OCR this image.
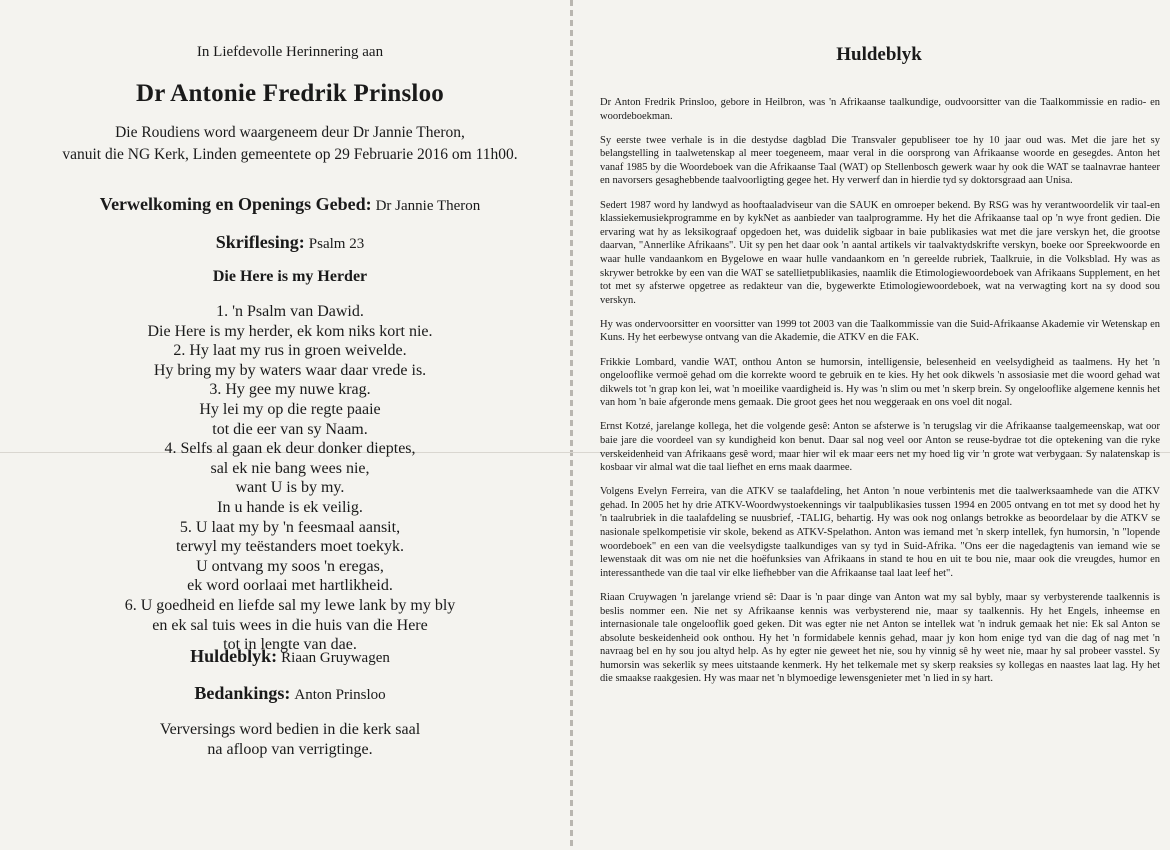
In Liefdevolle Herinnering aan
Dr Antonie Fredrik Prinsloo
Die Roudiens word waargeneem deur Dr Jannie Theron,
vanuit die NG Kerk, Linden gemeentete op 29 Februarie 2016 om 11h00.
Verwelkoming en Openings Gebed: Dr Jannie Theron
Skriflesing: Psalm 23
Die Here is my Herder
1. 'n Psalm van Dawid.
Die Here is my herder, ek kom niks kort nie.
2. Hy laat my rus in groen weivelde.
Hy bring my by waters waar daar vrede is.
3. Hy gee my nuwe krag.
Hy lei my op die regte paaie
tot die eer van sy Naam.
4. Selfs al gaan ek deur donker dieptes,
sal ek nie bang wees nie,
want U is by my.
In u hande is ek veilig.
5. U laat my by 'n feesmaal aansit,
terwyl my teëstanders moet toekyk.
U ontvang my soos 'n eregas,
ek word oorlaai met hartlikheid.
6. U goedheid en liefde sal my lewe lank by my bly
en ek sal tuis wees in die huis van die Here
tot in lengte van dae.
Huldeblyk: Riaan Gruywagen
Bedankings: Anton Prinsloo
Verversings word bedien in die kerk saal
na afloop van verrigtinge.
Huldeblyk

Dr Anton Fredrik Prinsloo, gebore in Heilbron, was 'n Afrikaanse taalkundige, oudvoorsitter van die Taalkommissie en radio- en woordeboekman.

Sy eerste twee verhale is in die destydse dagblad Die Transvaler gepubliseer toe hy 10 jaar oud was. Met die jare het sy belangstelling in taalwetenskap al meer toegeneem, maar veral in die oorsprong van Afrikaanse woorde en gesegdes. Anton het vanaf 1985 by die Woordeboek van die Afrikaanse Taal (WAT) op Stellenbosch gewerk waar hy ook die WAT se taalnavrae hanteer en navorsers gesaghebbende taalvoorligting gegee het. Hy verwerf dan in hierdie tyd sy doktorsgraad aan Unisa.

Sedert 1987 word hy landwyd as hooftaaladviseur van die SAUK en omroeper bekend. By RSG was hy verantwoordelik vir taal-en klassiekemusiekprogramme en by kykNet as aanbieder van taalprogramme. Hy het die Afrikaanse taal op 'n wye front gedien. Die ervaring wat hy as leksikograaf opgedoen het, was duidelik sigbaar in baie publikasies wat met die jare verskyn het, die grootse daarvan, "Annerlike Afrikaans". Uit sy pen het daar ook 'n aantal artikels vir taalvaktydskrifte verskyn, boeke oor Spreekwoorde en waar hulle vandaankom en Bygelowe en waar hulle vandaankom en 'n gereelde rubriek, Taalkruie, in die Volksblad. Hy was as skrywer betrokke by een van die WAT se satellietpublikasies, naamlik die Etimologiewoordeboek van Afrikaans Supplement, en het tot met sy afsterwe opgetree as redakteur van die, bygewerkte Etimologiewoordeboek, wat na verwagting kort na sy dood sou verskyn.

Hy was ondervoorsitter en voorsitter van 1999 tot 2003 van die Taalkommissie van die Suid-Afrikaanse Akademie vir Wetenskap en Kuns. Hy het eerbewyse ontvang van die Akademie, die ATKV en die FAK.

Frikkie Lombard, vandie WAT, onthou Anton se humorsin, intelligensie, belesenheid en veelsydigheid as taalmens. Hy het 'n ongelooflike vermoë gehad om die korrekte woord te gebruik en te kies. Hy het ook dikwels 'n assosiasie met die woord gehad wat dikwels tot 'n grap kon lei, wat 'n moeilike vaardigheid is. Hy was 'n slim ou met 'n skerp brein. Sy ongelooflike algemene kennis het van hom 'n baie afgeronde mens gemaak. Die groot gees het nou weggeraak en ons voel dit nogal.

Ernst Kotzé, jarelange kollega, het die volgende gesê: Anton se afsterwe is 'n terugslag vir die Afrikaanse taalgemeenskap, wat oor baie jare die voordeel van sy kundigheid kon benut. Daar sal nog veel oor Anton se reuse-bydrae tot die optekening van die ryke verskeidenheid van Afrikaans gesê word, maar hier wil ek maar eers net my hoed lig vir 'n grote wat verbygaan. Sy nalatenskap is kosbaar vir almal wat die taal liefhet en erns maak daarmee.

Volgens Evelyn Ferreira, van die ATKV se taalafdeling, het Anton 'n noue verbintenis met die taalwerksaamhede van die ATKV gehad. In 2005 het hy drie ATKV-Woordwystoekennings vir taalpublikasies tussen 1994 en 2005 ontvang en tot met sy dood het hy 'n taalrubriek in die taalafdeling se nuusbrief, -TALIG, behartig. Hy was ook nog onlangs betrokke as beoordelaar by die ATKV se nasionale spelkompetisie vir skole, bekend as ATKV-Spelathon. Anton was iemand met 'n skerp intellek, fyn humorsin, 'n "lopende woordeboek" en een van die veelsydigste taalkundiges van sy tyd in Suid-Afrika. "Ons eer die nagedagtenis van iemand wie se lewenstaak dit was om nie net die hoëfunksies van Afrikaans in stand te hou en uit te bou nie, maar ook die vreugdes, humor en interessanthede van die taal vir elke liefhebber van die Afrikaanse taal laat leef het".

Riaan Cruywagen 'n jarelange vriend sê: Daar is 'n paar dinge van Anton wat my sal bybly, maar sy verbysterende taalkennis is beslis nommer een. Nie net sy Afrikaanse kennis was verbysterend nie, maar sy taalkennis. Hy het Engels, inheemse en internasionale tale ongelooflik goed geken. Dit was egter nie net Anton se intellek wat 'n indruk gemaak het nie: Ek sal Anton se absolute beskeidenheid ook onthou. Hy het 'n formidabele kennis gehad, maar jy kon hom enige tyd van die dag of nag met 'n navraag bel en hy sou jou altyd help. As hy egter nie geweet het nie, sou hy vinnig sê hy weet nie, maar hy sal probeer vasstel. Sy humorsin was sekerlik sy mees uitstaande kenmerk. Hy het telkemale met sy skerp reaksies sy kollegas en naastes laat lag. Hy het die smaakse raakgesien. Hy was maar net 'n blymoedige lewensgenieter met 'n lied in sy hart.
